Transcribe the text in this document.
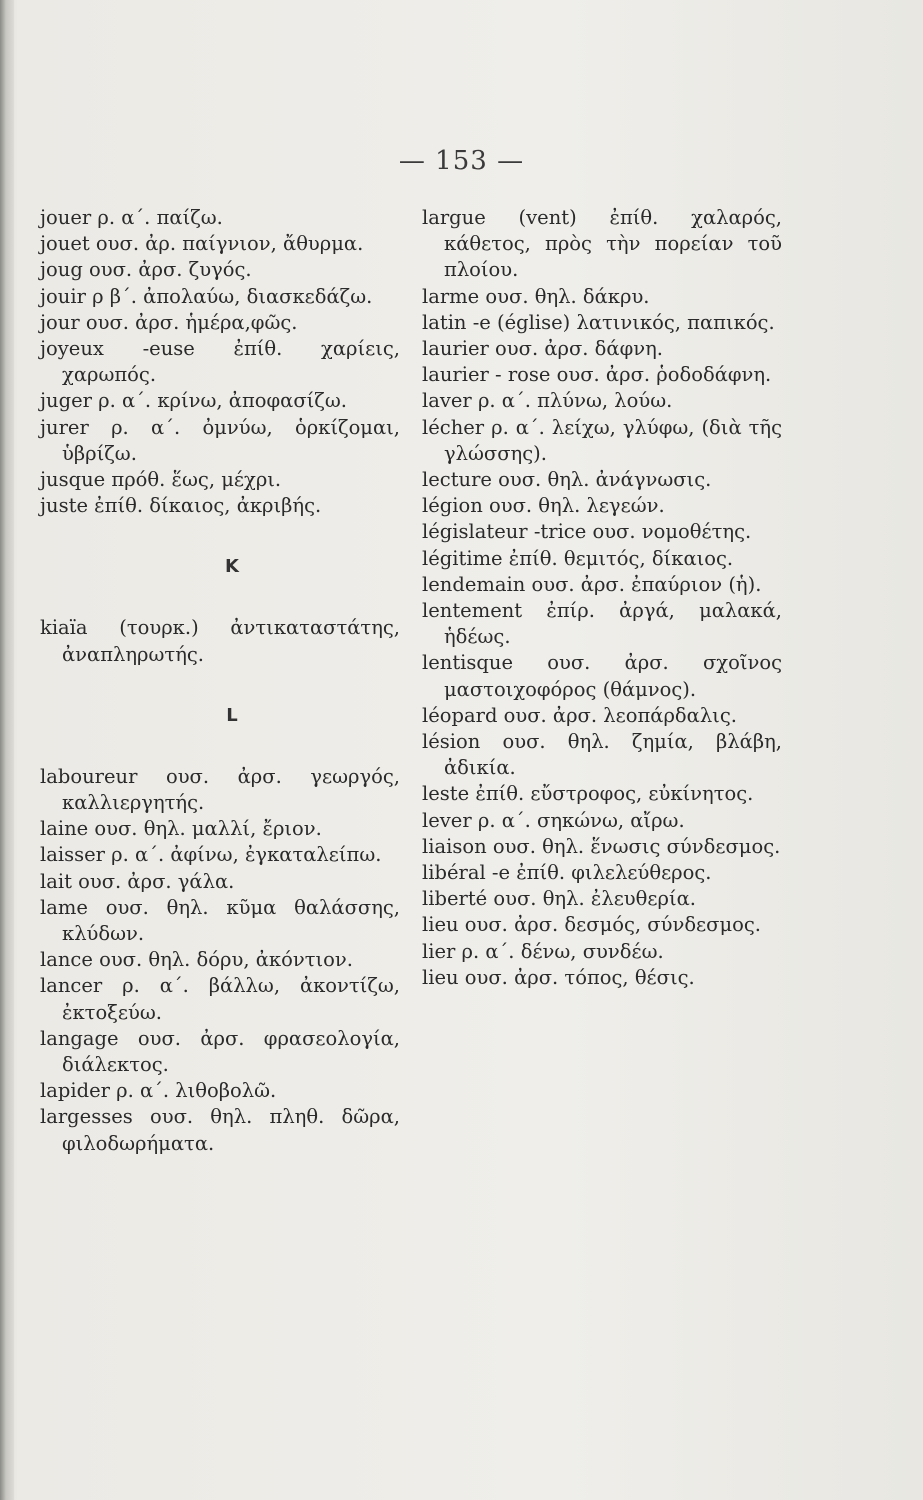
— 153 —

jouer ρ. α΄. παίζω.

jouet ουσ. ἀρ. παίγνιον, ἄθυρμα.

joug ουσ. ἀρσ. ζυγός.

jouir ρ β΄. ἀπολαύω, διασκεδάζω.

jour ουσ. ἀρσ. ἡμέρα,φῶς.

joyeux -euse ἐπίθ. χαρίεις, χαρωπός.

juger ρ. α΄. κρίνω, ἀποφασίζω.

jurer ρ. α΄. ὀμνύω, ὁρκίζομαι, ὑβρίζω.

jusque πρόθ. ἕως, μέχρι.

juste ἐπίθ. δίκαιος, ἀκριβής.

K

kiaïa (τουρκ.) ἀντικαταστάτης, ἀναπληρωτής.

L

laboureur ουσ. ἀρσ. γεωργός, καλλιεργητής.

laine ουσ. θηλ. μαλλί, ἔριον.

laisser ρ. α΄. ἀφίνω, ἐγκαταλείπω.

lait ουσ. ἀρσ. γάλα.

lame ουσ. θηλ. κῦμα θαλάσσης, κλύδων.

lance ουσ. θηλ. δόρυ, ἀκόντιον.

lancer ρ. α΄. βάλλω, ἀκοντίζω, ἐκτοξεύω.

langage ουσ. ἀρσ. φρασεολογία, διάλεκτος.

lapider ρ. α΄. λιθοβολῶ.

largesses ουσ. θηλ. πληθ. δῶρα, φιλοδωρήματα.

largue (vent) ἐπίθ. χαλαρός, κάθετος, πρὸς τὴν πορείαν τοῦ πλοίου.

larme ουσ. θηλ. δάκρυ.

latin -e (église) λατινικός, παπικός.

laurier ουσ. ἀρσ. δάφνη.

laurier - rose ουσ. ἀρσ. ῥοδοδάφνη.

laver ρ. α΄. πλύνω, λούω.

lécher ρ. α΄. λείχω, γλύφω, (διὰ τῆς γλώσσης).

lecture ουσ. θηλ. ἀνάγνωσις.

légion ουσ. θηλ. λεγεών.

législateur -trice ουσ. νομοθέτης.

légitime ἐπίθ. θεμιτός, δίκαιος.

lendemain ουσ. ἀρσ. ἐπαύριον (ἡ).

lentement ἐπίρ. ἀργά, μαλακά, ἡδέως.

lentisque ουσ. ἀρσ. σχοῖνος μαστοιχοφόρος (θάμνος).

léopard ουσ. ἀρσ. λεοπάρδαλις.

lésion ουσ. θηλ. ζημία, βλάβη, ἀδικία.

leste ἐπίθ. εὔστροφος, εὐκίνητος.

lever ρ. α΄. σηκώνω, αἴρω.

liaison ουσ. θηλ. ἕνωσις σύνδεσμος.

libéral -e ἐπίθ. φιλελεύθερος.

liberté ουσ. θηλ. ἐλευθερία.

lieu ουσ. ἀρσ. δεσμός, σύνδεσμος.

lier ρ. α΄. δένω, συνδέω.

lieu ουσ. ἀρσ. τόπος, θέσις.
